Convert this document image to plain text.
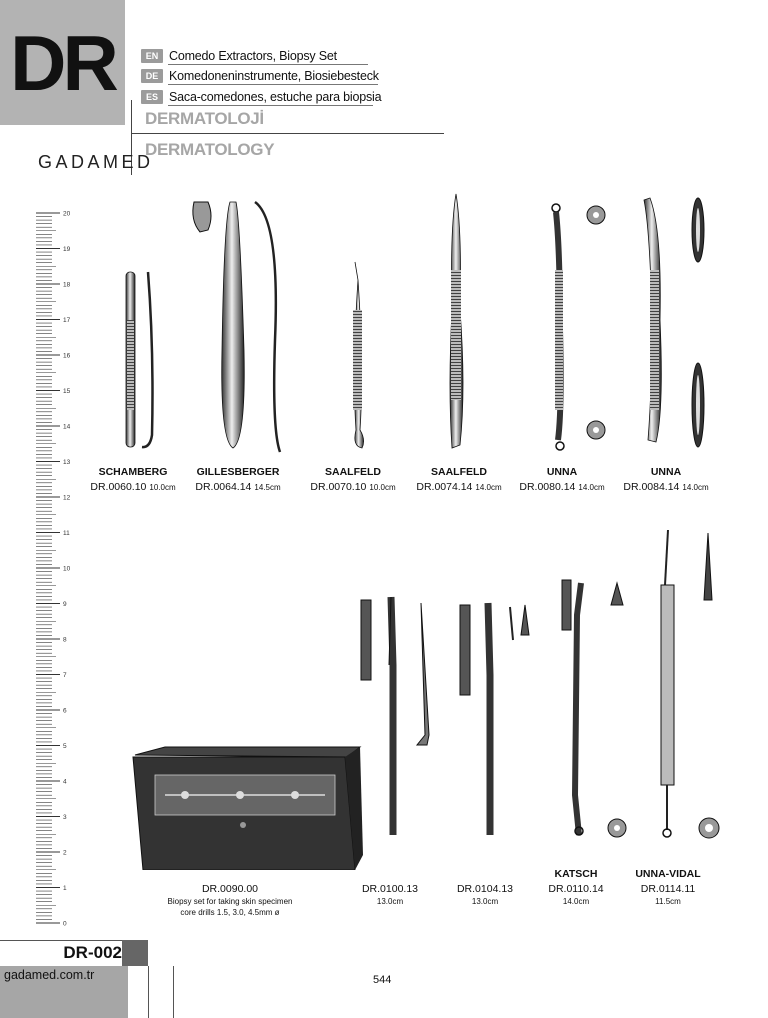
DR	EN Comedo Extractors, Biopsy Set
DE Komedoneninstrumente, Biosiebesteck
ES Saca-comedones, estuche para biopsia
DERMATOLOJİ
DERMATOLOGY
GADAMED
20
19
18
17
16
15
14
13
12
11
10
9
8
7
6
5
4
3
2
1
0
SCHAMBERG
DR.0060.10 10.0cm
GILLESBERGER
DR.0064.14 14.5cm
SAALFELD
DR.0070.10 10.0cm
SAALFELD
DR.0074.14 14.0cm
UNNA
DR.0080.14 14.0cm
UNNA
DR.0084.14 14.0cm
DR.0090.00
Biopsy set for taking skin specimen
core drills 1.5, 3.0, 4.5mm ø
DR.0100.13
13.0cm
DR.0104.13
13.0cm
KATSCH
DR.0110.14
14.0cm
UNNA-VIDAL
DR.0114.11
11.5cm
DR-002
gadamed.com.tr	544
